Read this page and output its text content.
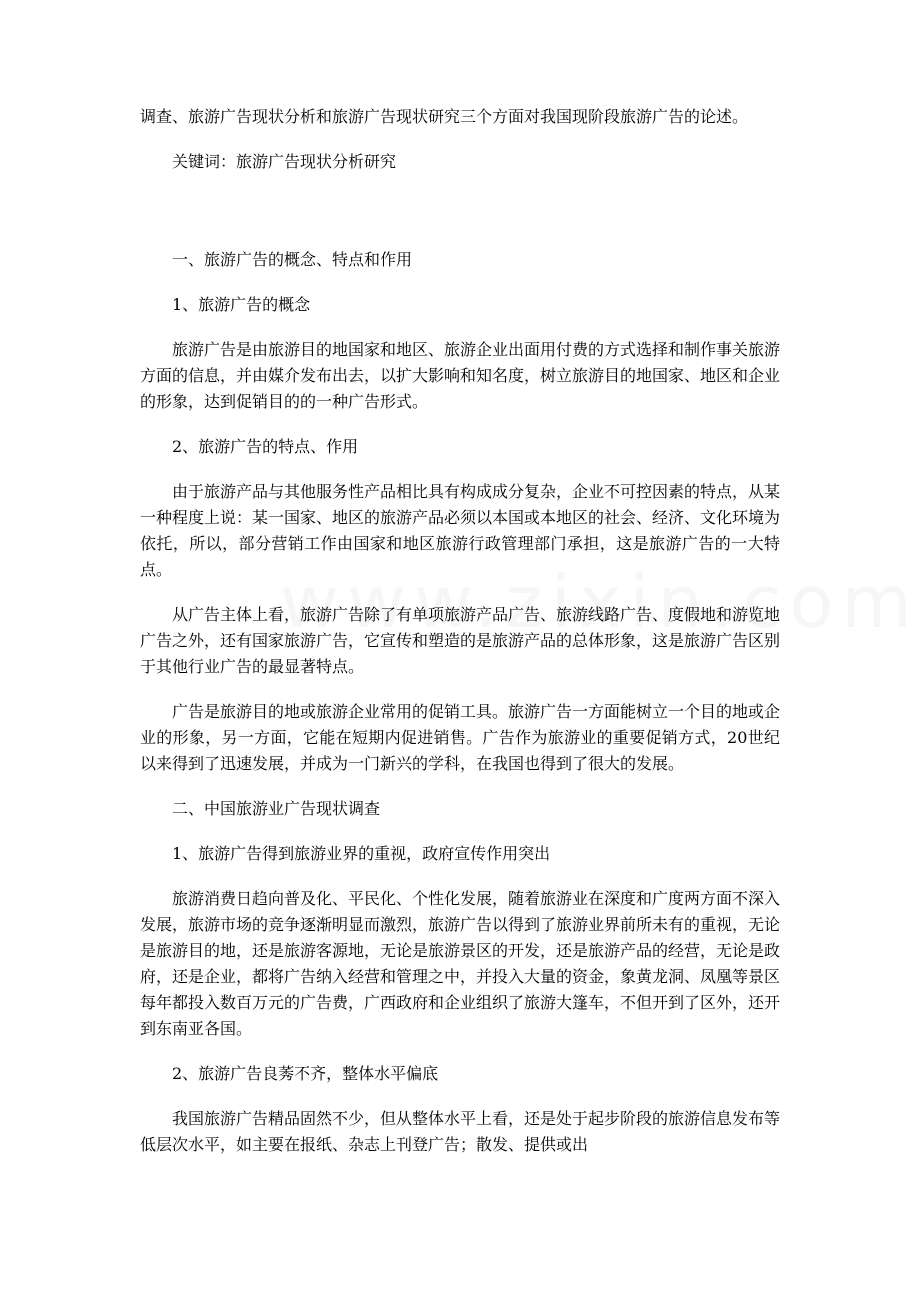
调查、旅游广告现状分析和旅游广告现状研究三个方面对我国现阶段旅游广告的论述。

关键词：旅游广告现状分析研究

一、旅游广告的概念、特点和作用

1、旅游广告的概念

旅游广告是由旅游目的地国家和地区、旅游企业出面用付费的方式选择和制作事关旅游方面的信息，并由媒介发布出去，以扩大影响和知名度，树立旅游目的地国家、地区和企业的形象，达到促销目的的一种广告形式。

2、旅游广告的特点、作用

由于旅游产品与其他服务性产品相比具有构成成分复杂，企业不可控因素的特点，从某一种程度上说：某一国家、地区的旅游产品必须以本国或本地区的社会、经济、文化环境为依托，所以，部分营销工作由国家和地区旅游行政管理部门承担，这是旅游广告的一大特点。

从广告主体上看，旅游广告除了有单项旅游产品广告、旅游线路广告、度假地和游览地广告之外，还有国家旅游广告，它宣传和塑造的是旅游产品的总体形象，这是旅游广告区别于其他行业广告的最显著特点。

广告是旅游目的地或旅游企业常用的促销工具。旅游广告一方面能树立一个目的地或企业的形象，另一方面，它能在短期内促进销售。广告作为旅游业的重要促销方式，20世纪以来得到了迅速发展，并成为一门新兴的学科，在我国也得到了很大的发展。

二、中国旅游业广告现状调查

1、旅游广告得到旅游业界的重视，政府宣传作用突出

旅游消费日趋向普及化、平民化、个性化发展，随着旅游业在深度和广度两方面不深入发展，旅游市场的竞争逐渐明显而激烈，旅游广告以得到了旅游业界前所未有的重视，无论是旅游目的地，还是旅游客源地，无论是旅游景区的开发，还是旅游产品的经营，无论是政府，还是企业，都将广告纳入经营和管理之中，并投入大量的资金，象黄龙洞、凤凰等景区每年都投入数百万元的广告费，广西政府和企业组织了旅游大篷车，不但开到了区外，还开到东南亚各国。

2、旅游广告良莠不齐，整体水平偏底

我国旅游广告精品固然不少，但从整体水平上看，还是处于起步阶段的旅游信息发布等低层次水平，如主要在报纸、杂志上刊登广告；散发、提供或出
